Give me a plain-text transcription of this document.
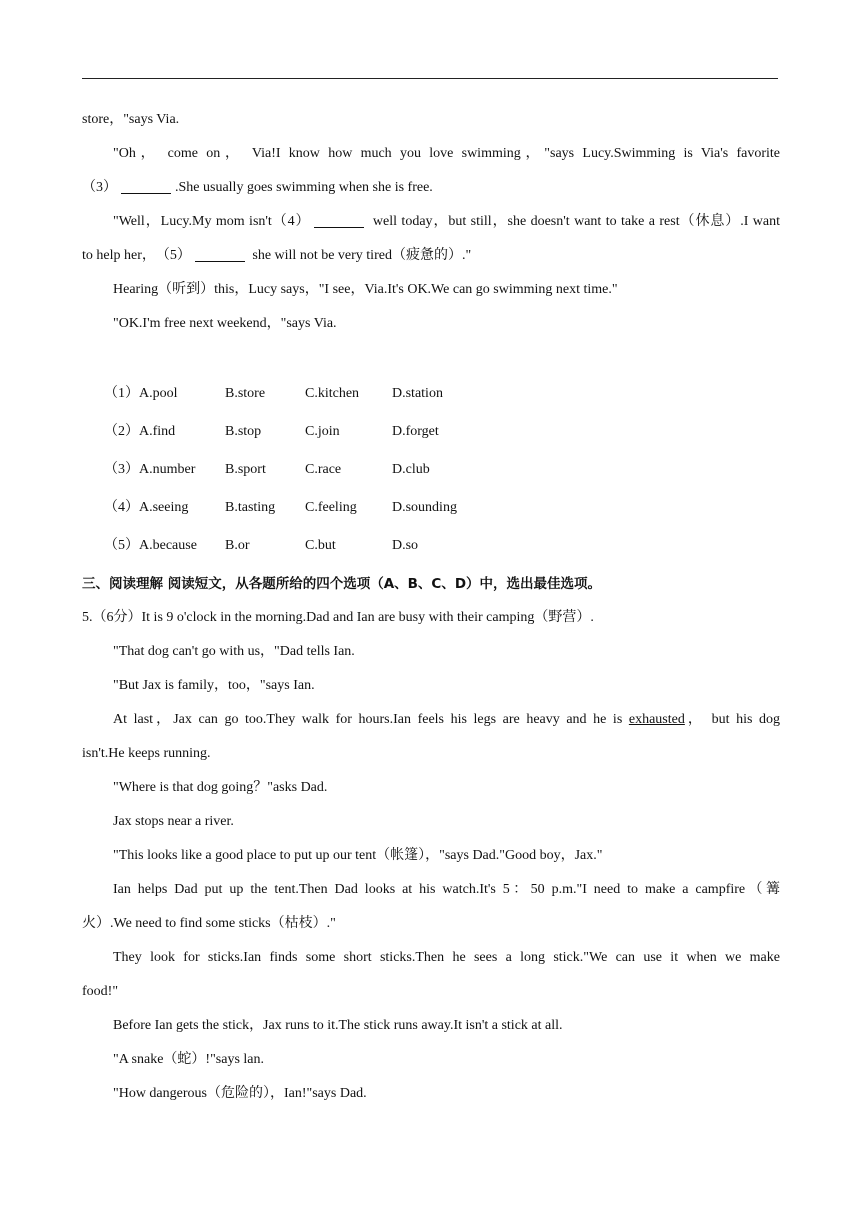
store，"says Via.
"Oh， come on， Via!I know how much you love swimming，"says Lucy.Swimming is Via's favorite
（3）	.She usually goes swimming when she is free.
"Well，Lucy.My mom isn't（4）	well today，but still，she doesn't want to take a rest（休息）.I want
to help her，　（5）	she will not be very tired（疲惫的）."
Hearing（听到）this，Lucy says，"I see，Via.It's OK.We can go swimming next time."
"OK.I'm free next weekend，"says Via.
（1）A.pool	B.store	C.kitchen D.station
（2）A.find	B.stop	C.join	D.forget
（3）A.number B.sport	C.race	D.club
（4）A.seeing	B.tasting C.feeling	D.sounding
（5）A.because B.or	C.but	D.so
三、阅读理解 阅读短文，从各题所给的四个选项（A、B、C、D）中，选出最佳选项。
5.（6分）It is 9 o'clock in the morning.Dad and Ian are busy with their camping（野营）.
"That dog can't go with us，"Dad tells Ian.
"But Jax is family，too，"says Ian.
At last，Jax can go too.They walk for hours.Ian feels his legs are heavy and he is exhausted， but his dog
isn't.He keeps running.
"Where is that dog going？"asks Dad.
Jax stops near a river.
"This looks like a good place to put up our tent（帐篷），"says Dad."Good boy，Jax."
Ian helps Dad put up the tent.Then Dad looks at his watch.It's 5：50 p.m."I need to make a campfire（篝
火）.We need to find some sticks（枯枝）."
They look for sticks.Ian finds some short sticks.Then he sees a long stick."We can use it when we make
food!"
Before Ian gets the stick，Jax runs to it.The stick runs away.It isn't a stick at all.
"A snake（蛇）!"says lan.
"How dangerous（危险的），Ian!"says Dad.
